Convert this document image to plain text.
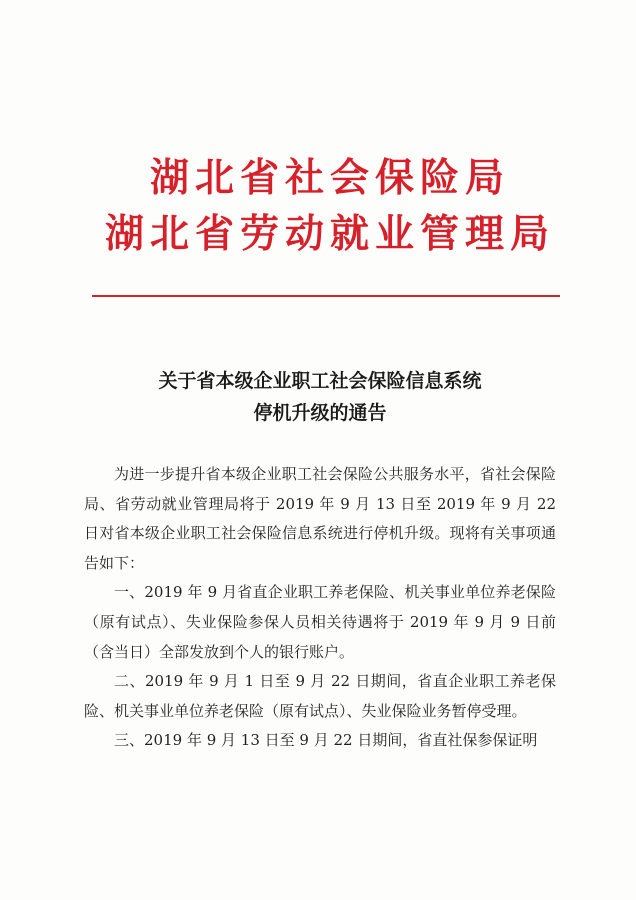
湖北省社会保险局
湖北省劳动就业管理局
关于省本级企业职工社会保险信息系统
停机升级的通告

为进一步提升省本级企业职工社会保险公共服务水平，省社会保险局、省劳动就业管理局将于 2019 年 9 月 13 日至 2019 年 9 月 22 日对省本级企业职工社会保险信息系统进行停机升级。现将有关事项通告如下：

一、2019 年 9 月省直企业职工养老保险、机关事业单位养老保险（原有试点）、失业保险参保人员相关待遇将于 2019 年 9 月 9 日前（含当日）全部发放到个人的银行账户。

二、2019 年 9 月 1 日至 9 月 22 日期间，省直企业职工养老保险、机关事业单位养老保险（原有试点）、失业保险业务暂停受理。

三、2019 年 9 月 13 日至 9 月 22 日期间，省直社保参保证明
